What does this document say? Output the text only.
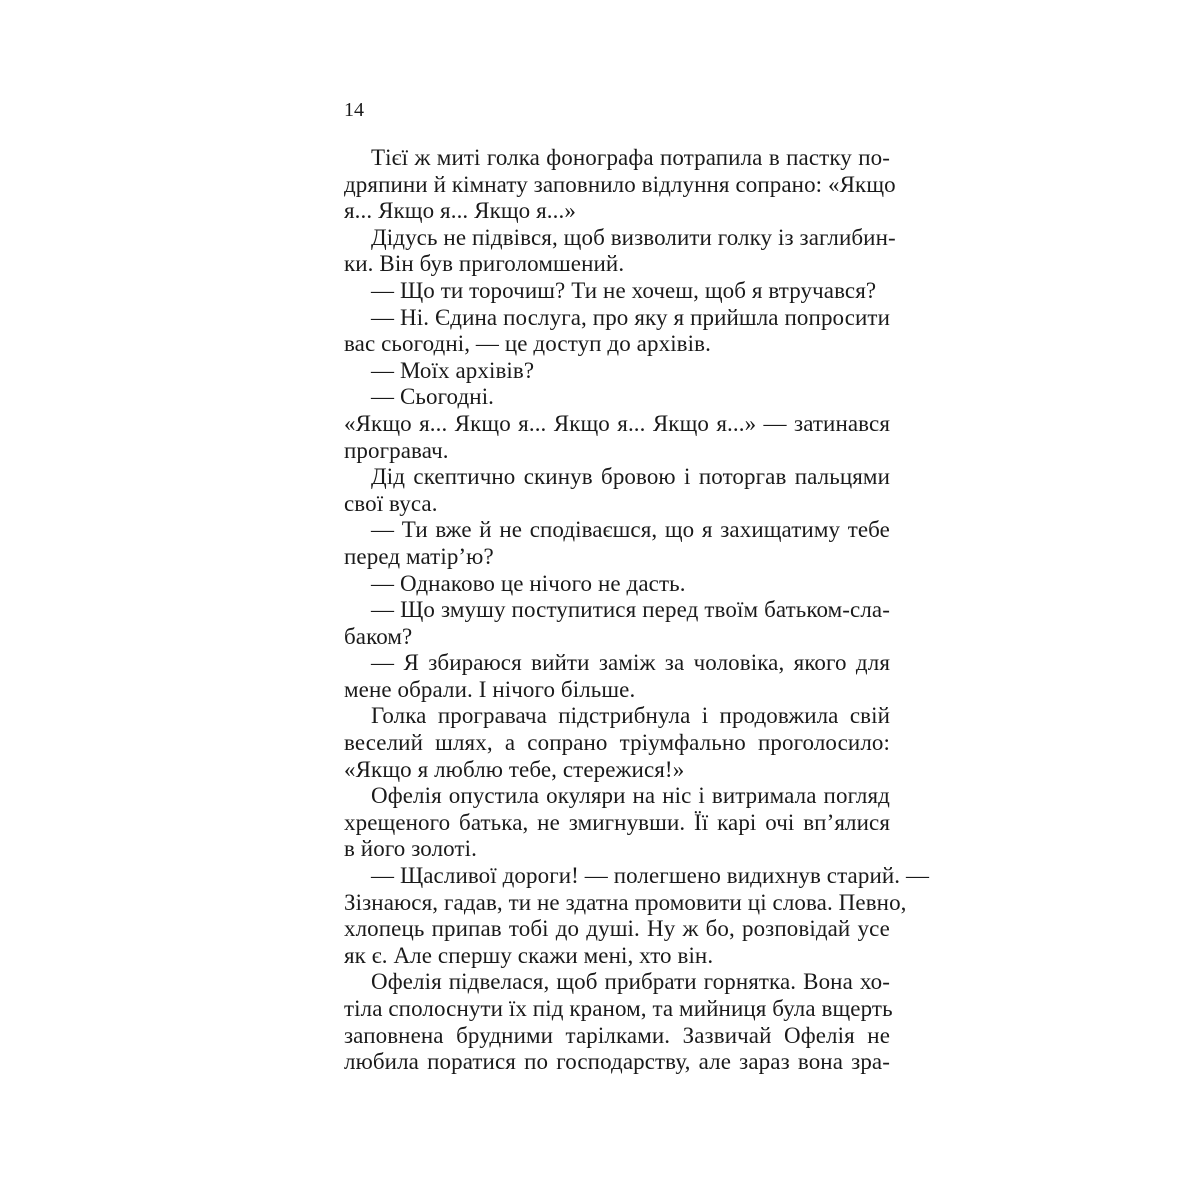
14
Тієї ж миті голка фонографа потрапила в пастку по-
дряпини й кімнату заповнило відлуння сопрано: «Якщо
я... Якщо я... Якщо я...»
Дідусь не підвівся, щоб визволити голку із заглибин-
ки. Він був приголомшений.
— Що ти торочиш? Ти не хочеш, щоб я втручався?
— Ні. Єдина послуга, про яку я прийшла попросити
вас сьогодні, — це доступ до архівів.
— Моїх архівів?
— Сьогодні.
«Якщо я... Якщо я... Якщо я... Якщо я...» — затинався
програвач.
Дід скептично скинув бровою і поторгав пальцями
свої вуса.
— Ти вже й не сподіваєшся, що я захищатиму тебе
перед матір’ю?
— Однаково це нічого не дасть.
— Що змушу поступитися перед твоїм батьком-сла-
баком?
— Я збираюся вийти заміж за чоловіка, якого для
мене обрали. І нічого більше.
Голка програвача підстрибнула і продовжила свій
веселий шлях, а сопрано тріумфально проголосило:
«Якщо я люблю тебе, стережися!»
Офелія опустила окуляри на ніс і витримала погляд
хрещеного батька, не змигнувши. Її карі очі вп’ялися
в його золоті.
— Щасливої дороги! — полегшено видихнув старий. —
Зізнаюся, гадав, ти не здатна промовити ці слова. Певно,
хлопець припав тобі до душі. Ну ж бо, розповідай усе
як є. Але спершу скажи мені, хто він.
Офелія підвелася, щоб прибрати горнятка. Вона хо-
тіла сполоснути їх під краном, та мийниця була вщерть
заповнена брудними тарілками. Зазвичай Офелія не
любила поратися по господарству, але зараз вона зра-
